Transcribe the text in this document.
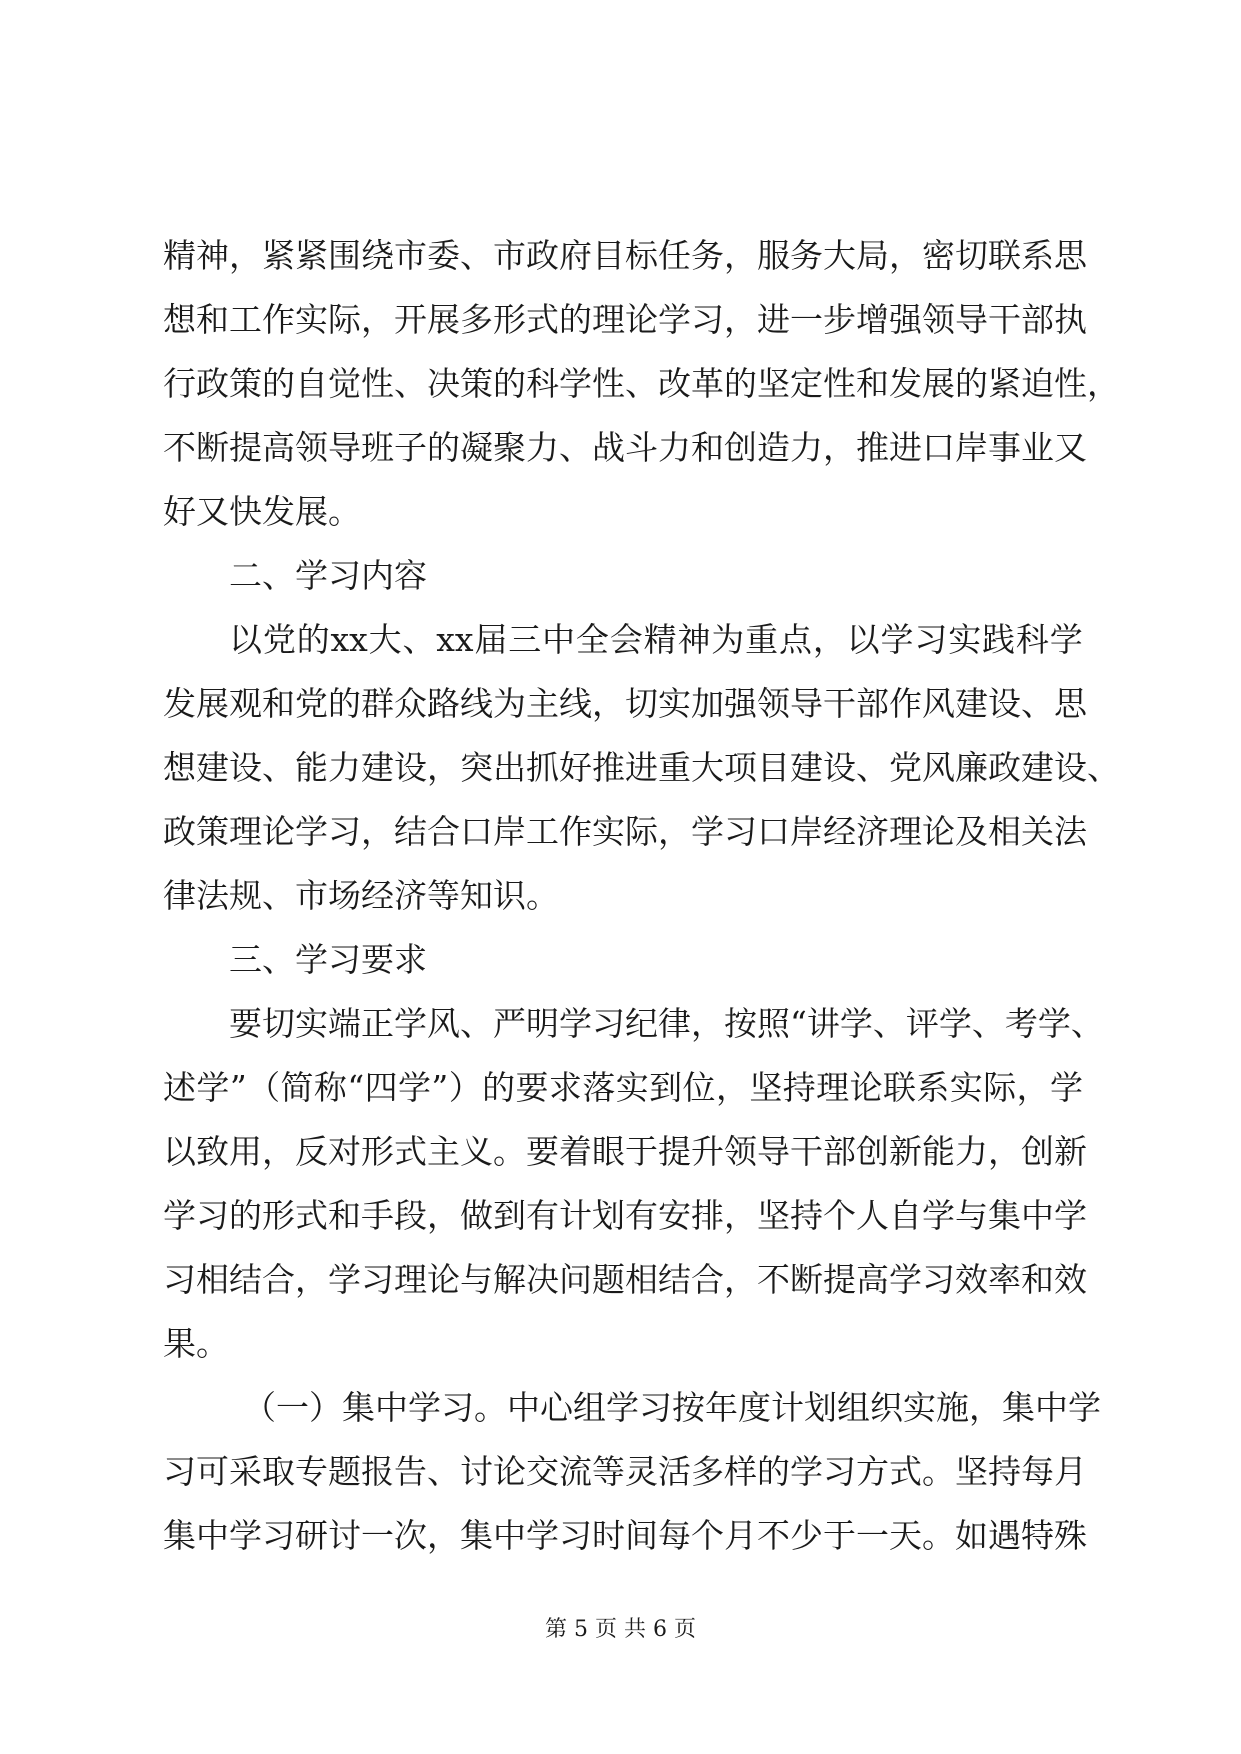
精 神 ， 紧 紧 围 绕 市 委 、 市 政 府 目 标 任 务 ， 服 务 大 局 ， 密 切 联 系 思
想 和 工 作 实 际 ， 开 展 多 形 式 的 理 论 学 习 ， 进 一 步 增 强 领 导 干 部 执
行 政 策 的 自 觉 性 、 决 策 的 科 学 性 、 改 革 的 坚 定 性 和 发 展 的 紧 迫 性 ，
不 断 提 高 领 导 班 子 的 凝 聚 力 、 战 斗 力 和 创 造 力 ， 推 进 口 岸 事 业 又
好又快发展。
二、学习内容
以 党 的 xx 大 、 xx 届 三 中 全 会 精 神 为 重 点 ， 以 学 习 实 践 科 学
发 展 观 和 党 的 群 众 路 线 为 主 线 ， 切 实 加 强 领 导 干 部 作 风 建 设 、 思
想 建 设 、 能 力 建 设 ， 突 出 抓 好 推 进 重 大 项 目 建 设 、 党 风 廉 政 建 设 、
政 策 理 论 学 习 ， 结 合 口 岸 工 作 实 际 ， 学 习 口 岸 经 济 理 论 及 相 关 法
律法规、市场经济等知识。
三、学习要求
要 切 实 端 正 学 风 、 严 明 学 习 纪 律 ， 按 照 “ 讲 学 、 评 学 、 考 学 、
述 学 ” （ 简 称 “ 四 学 ” ） 的 要 求 落 实 到 位 ， 坚 持 理 论 联 系 实 际 ， 学
以 致 用 ， 反 对 形 式 主 义 。 要 着 眼 于 提 升 领 导 干 部 创 新 能 力 ， 创 新
学 习 的 形 式 和 手 段 ， 做 到 有 计 划 有 安 排 ， 坚 持 个 人 自 学 与 集 中 学
习 相 结 合 ， 学 习 理 论 与 解 决 问 题 相 结 合 ， 不 断 提 高 学 习 效 率 和 效
果。
（ 一 ） 集 中 学 习 。 中 心 组 学 习 按 年 度 计 划 组 织 实 施 ， 集 中 学
习 可 采 取 专 题 报 告 、 讨 论 交 流 等 灵 活 多 样 的 学 习 方 式 。 坚 持 每 月
集 中 学 习 研 讨 一 次 ， 集 中 学 习 时 间 每 个 月 不 少 于 一 天 。 如 遇 特 殊
第 5 页 共 6 页
